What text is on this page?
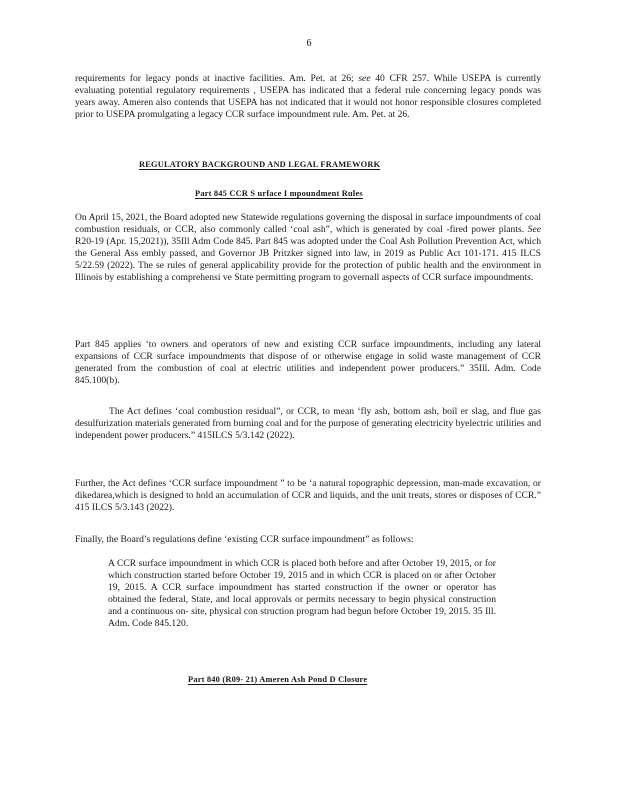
6

requirements for legacy ponds at inactive facilities. Am. Pet. at 26; see 40 CFR 257. While USEPA is currently evaluating potential regulatory requirements , USEPA has indicated that a federal rule concerning legacy ponds was years away. Ameren also contends that USEPA has not indicated that it would not honor responsible closures completed prior to USEPA promulgating a legacy CCR surface impoundment rule. Am. Pet. at 26.

REGULATORY BACKGROUND AND LEGAL FRAMEWORK
Part 845 CCR S urface I mpoundment Rules

On April 15, 2021, the Board adopted new Statewide regulations governing the disposal in surface impoundments of coal combustion residuals, or CCR, also commonly called ‘coal ash”, which is generated by coal -fired power plants. See R20-19 (Apr. 15,2021)), 35Ill Adm Code 845. Part 845 was adopted under the Coal Ash Pollution Prevention Act, which the General Ass embly passed, and Governor JB Pritzker signed into law, in 2019 as Public Act 101-171. 415 ILCS 5/22.59 (2022). The se rules of general applicability provide for the protection of public health and the environment in Illinois by establishing a comprehensi ve State permitting program to governall aspects of CCR surface impoundments.

Part 845 applies ‘to owners and operators of new and existing CCR surface impoundments, including any lateral expansions of CCR surface impoundments that dispose of or otherwise engage in solid waste management of CCR generated from the combustion of coal at electric utilities and independent power producers.” 35Ill. Adm. Code 845.100(b).

The Act defines ‘coal combustion residual”, or CCR, to mean ‘fly ash, bottom ash, boil er slag, and flue gas desulfurization materials generated from burning coal and for the purpose of generating electricity byelectric utilities and independent power producers.” 415ILCS 5/3.142 (2022).

Further, the Act defines ‘CCR surface impoundment ” to be ‘a natural topographic depression, man-made excavation, or dikedarea,which is designed to hold an accumulation of CCR and liquids, and the unit treats, stores or disposes of CCR.” 415 ILCS 5/3.143 (2022).

Finally, the Board’s regulations define ‘existing CCR surface impoundment” as follows:

A CCR surface impoundment in which CCR is placed both before and after October 19, 2015, or for which construction started before October 19, 2015 and in which CCR is placed on or after October 19, 2015. A CCR surface impoundment has started construction if the owner or operator has obtained the federal, State, and local approvals or permits necessary to begin physical construction and a continuous on- site, physical con struction program had begun before October 19, 2015. 35 Ill. Adm. Code 845.120.

Part 840 (R09- 21) Ameren Ash Pond D Closure
